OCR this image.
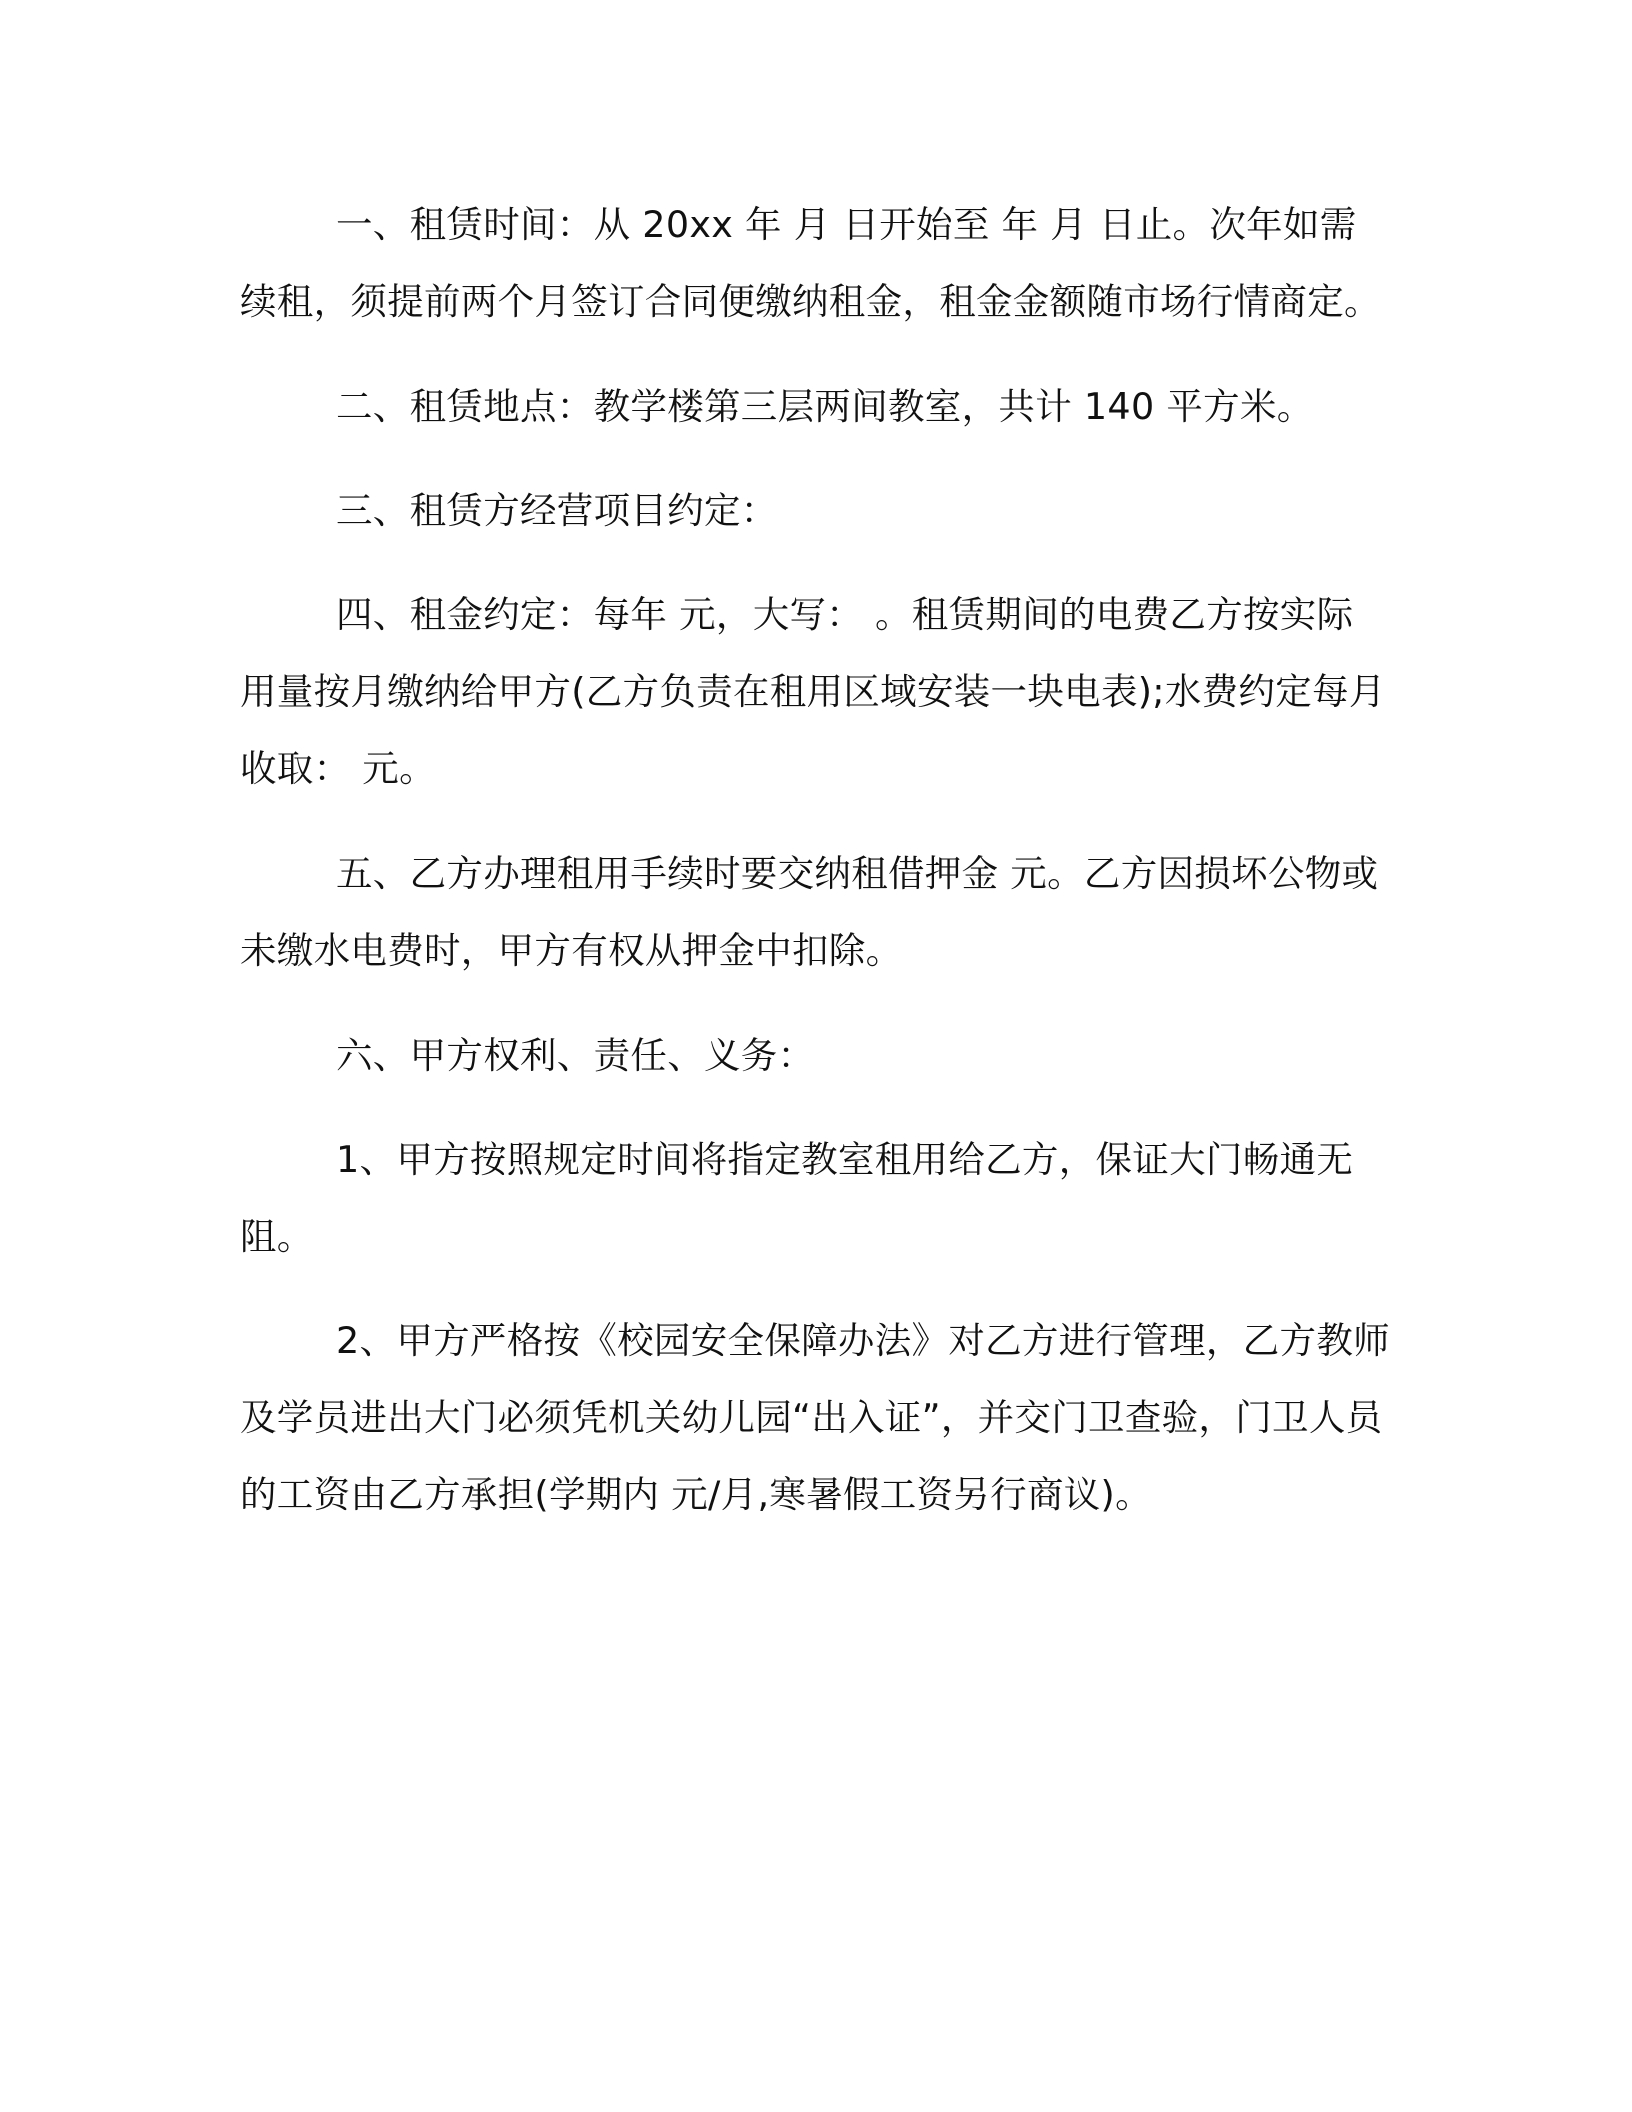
一、租赁时间：从 20xx 年 月 日开始至 年 月 日止。次年如需续租，须提前两个月签订合同便缴纳租金，租金金额随市场行情商定。

二、租赁地点：教学楼第三层两间教室，共计 140 平方米。

三、租赁方经营项目约定：

四、租金约定：每年 元，大写： 。租赁期间的电费乙方按实际用量按月缴纳给甲方(乙方负责在租用区域安装一块电表);水费约定每月收取： 元。

五、乙方办理租用手续时要交纳租借押金 元。乙方因损坏公物或未缴水电费时，甲方有权从押金中扣除。

六、甲方权利、责任、义务：

1、甲方按照规定时间将指定教室租用给乙方，保证大门畅通无阻。

2、甲方严格按《校园安全保障办法》对乙方进行管理，乙方教师及学员进出大门必须凭机关幼儿园“出入证”，并交门卫查验，门卫人员的工资由乙方承担(学期内 元/月,寒暑假工资另行商议)。
